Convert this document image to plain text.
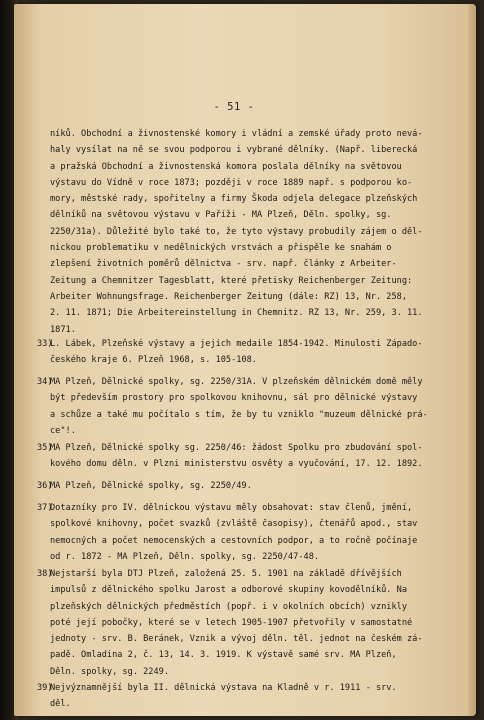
- 51 -
níků. Obchodní a živnostenské komory i vládní a zemské úřady proto nevá-
haly vysílat na ně se svou podporou i vybrané dělníky. (Např. liberecká
a pražská Obchodní a živnostenská komora poslala dělníky na světovou
výstavu do Vídně v roce 1873; později v roce 1889 např. s podporou ko-
mory, městské rady, spořitelny a firmy Škoda odjela delegace plzeňských
dělníků na světovou výstavu v Paříži - MA Plzeň, Děln. spolky, sg.
2250/31a). Důležité bylo také to, že tyto výstavy probudily zájem o děl-
nickou problematiku v nedělnických vrstvách a přispěle ke snahám o
zlepšení životních poměrů dělnictva - srv. např. články z Arbeiter-
Zeitung a Chemnitzer Tagesblatt, které přetisky Reichenberger Zeitung:
Arbeiter Wohnungsfrage. Reichenberger Zeitung (dále: RZ) 13, Nr. 258,
2. 11. 1871; Die Arbeitereinstellung in Chemnitz. RZ 13, Nr. 259, 3. 11.
1871.
33)
L. Lábek, Plzeňské výstavy a jejich medaile 1854-1942. Minulosti Západo-
českého kraje 6. Plzeň 1968, s. 105-108.
34)
MA Plzeň, Dělnické spolky, sg. 2250/31A. V plzeňském dělnickém domě měly
být především prostory pro spolkovou knihovnu, sál pro dělnické výstavy
a schůze a také mu počítalo s tím, že by tu vzniklo "muzeum dělnické prá-
ce"!.
35)
MA Plzeň, Dělnické spolky sg. 2250/46: žádost Spolku pro zbudování spol-
kového domu děln. v Plzni ministerstvu osvěty a vyučování, 17. 12. 1892.
36)
MA Plzeň, Dělnické spolky, sg. 2250/49.
37)
Dotazníky pro IV. dělnickou výstavu měly obsahovat: stav členů, jmění,
spolkové knihovny, počet svazků (zvláště časopisy), čtenářů apod., stav
nemocných a počet nemocenských a cestovních podpor, a to ročně počínaje
od r. 1872 - MA Plzeň, Děln. spolky, sg. 2250/47-48.
38)
Nejstarší byla DTJ Plzeň, založená 25. 5. 1901 na základě dřívějších
impulsů z dělnického spolku Jarost a odborové skupiny kovodělníků. Na
plzeňských dělnických předměstích (popř. i v okolních obcích) vznikly
poté její pobočky, které se v letech 1905-1907 přetvořily v samostatné
jednoty - srv. B. Beránek, Vznik a vývoj děln. těl. jednot na českém zá-
padě. Omladina 2, č. 13, 14. 3. 1919. K výstavě samé srv. MA Plzeň,
Děln. spolky, sg. 2249.
39)
Nejvýznamnější byla II. dělnická výstava na Kladně v r. 1911 - srv.
děl.
